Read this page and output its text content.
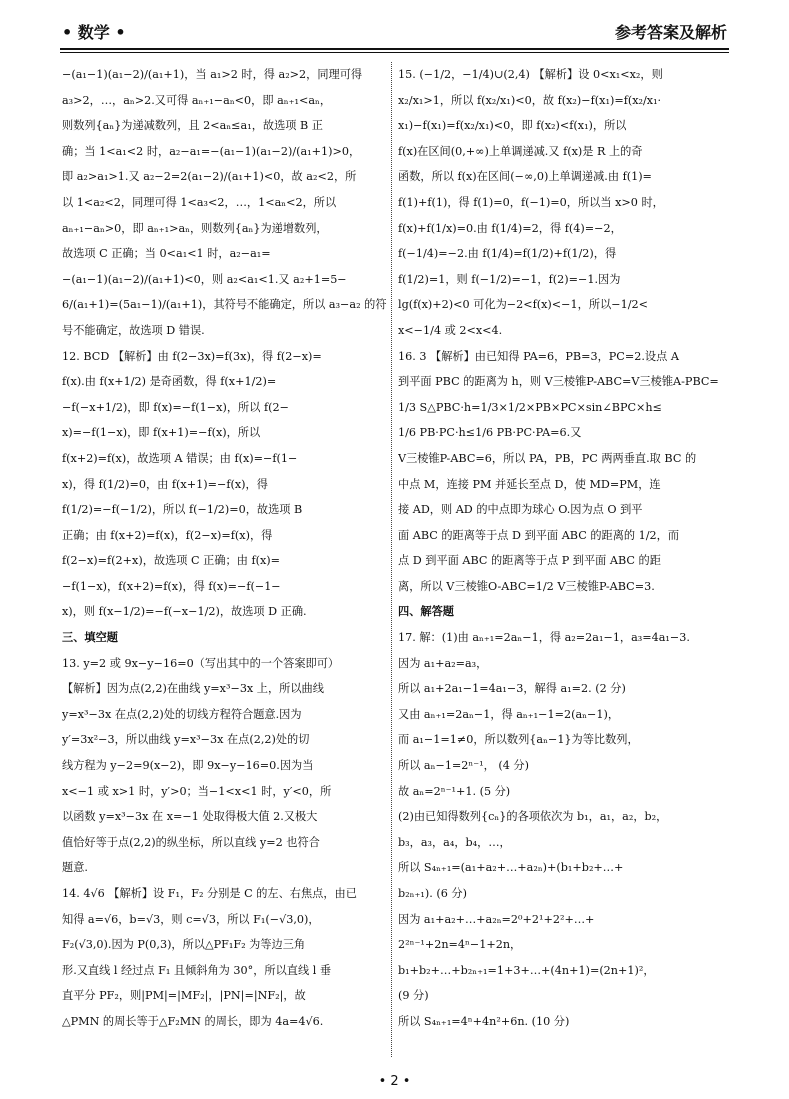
• 数学 •	参考答案及解析
−(a₁−1)(a₁−2)/(a₁+1)，当 a₁>2 时，得 a₂>2，同理可得
a₃>2，…，aₙ>2.又可得 aₙ₊₁−aₙ<0，即 aₙ₊₁<aₙ，
则数列{aₙ}为递减数列，且 2<aₙ≤a₁，故选项 B 正
确；当 1<a₁<2 时，a₂−a₁=−(a₁−1)(a₁−2)/(a₁+1)>0，
即 a₂>a₁>1.又 a₂−2=2(a₁−2)/(a₁+1)<0，故 a₂<2，所
以 1<a₂<2，同理可得 1<a₃<2，…，1<aₙ<2，所以
aₙ₊₁−aₙ>0，即 aₙ₊₁>aₙ，则数列{aₙ}为递增数列，
故选项 C 正确；当 0<a₁<1 时，a₂−a₁=
−(a₁−1)(a₁−2)/(a₁+1)<0，则 a₂<a₁<1.又 a₂+1=5−
6/(a₁+1)=(5a₁−1)/(a₁+1)，其符号不能确定，所以 a₃−a₂ 的符
号不能确定，故选项 D 错误.
12. BCD 【解析】由 f(2−3x)=f(3x)，得 f(2−x)=
f(x).由 f(x+1/2) 是奇函数，得 f(x+1/2)=
−f(−x+1/2)，即 f(x)=−f(1−x)，所以 f(2−
x)=−f(1−x)，即 f(x+1)=−f(x)，所以
f(x+2)=f(x)，故选项 A 错误；由 f(x)=−f(1−
x)，得 f(1/2)=0，由 f(x+1)=−f(x)，得
f(1/2)=−f(−1/2)，所以 f(−1/2)=0，故选项 B
正确；由 f(x+2)=f(x)，f(2−x)=f(x)，得
f(2−x)=f(2+x)，故选项 C 正确；由 f(x)=
−f(1−x)，f(x+2)=f(x)，得 f(x)=−f(−1−
x)，则 f(x−1/2)=−f(−x−1/2)，故选项 D 正确.
三、填空题
13. y=2 或 9x−y−16=0（写出其中的一个答案即可）
【解析】因为点(2,2)在曲线 y=x³−3x 上，所以曲线
y=x³−3x 在点(2,2)处的切线方程符合题意.因为
y′=3x²−3，所以曲线 y=x³−3x 在点(2,2)处的切
线方程为 y−2=9(x−2)，即 9x−y−16=0.因为当
x<−1 或 x>1 时，y′>0；当−1<x<1 时，y′<0，所
以函数 y=x³−3x 在 x=−1 处取得极大值 2.又极大
值恰好等于点(2,2)的纵坐标，所以直线 y=2 也符合
题意.
14. 4√6 【解析】设 F₁，F₂ 分别是 C 的左、右焦点，由已
知得 a=√6，b=√3，则 c=√3，所以 F₁(−√3,0)，
F₂(√3,0).因为 P(0,3)，所以△PF₁F₂ 为等边三角
形.又直线 l 经过点 F₁ 且倾斜角为 30°，所以直线 l 垂
直平分 PF₂，则|PM|=|MF₂|，|PN|=|NF₂|，故
△PMN 的周长等于△F₂MN 的周长，即为 4a=4√6.
15. (−1/2，−1/4)∪(2,4) 【解析】设 0<x₁<x₂，则
x₂/x₁>1，所以 f(x₂/x₁)<0，故 f(x₂)−f(x₁)=f(x₂/x₁·
x₁)−f(x₁)=f(x₂/x₁)<0，即 f(x₂)<f(x₁)，所以
f(x)在区间(0,+∞)上单调递减.又 f(x)是 R 上的奇
函数，所以 f(x)在区间(−∞,0)上单调递减.由 f(1)=
f(1)+f(1)，得 f(1)=0，f(−1)=0，所以当 x>0 时，
f(x)+f(1/x)=0.由 f(1/4)=2，得 f(4)=−2，
f(−1/4)=−2.由 f(1/4)=f(1/2)+f(1/2)，得
f(1/2)=1，则 f(−1/2)=−1，f(2)=−1.因为
lg(f(x)+2)<0 可化为−2<f(x)<−1，所以−1/2<
x<−1/4 或 2<x<4.
16. 3 【解析】由已知得 PA=6，PB=3，PC=2.设点 A
到平面 PBC 的距离为 h，则 V三棱锥P-ABC=V三棱锥A-PBC=
1/3 S△PBC·h=1/3×1/2×PB×PC×sin∠BPC×h≤
1/6 PB·PC·h≤1/6 PB·PC·PA=6.又
V三棱锥P-ABC=6，所以 PA，PB，PC 两两垂直.取 BC 的
中点 M，连接 PM 并延长至点 D，使 MD=PM，连
接 AD，则 AD 的中点即为球心 O.因为点 O 到平
面 ABC 的距离等于点 D 到平面 ABC 的距离的 1/2，而
点 D 到平面 ABC 的距离等于点 P 到平面 ABC 的距
离，所以 V三棱锥O-ABC=1/2 V三棱锥P-ABC=3.
四、解答题
17. 解：(1)由 aₙ₊₁=2aₙ−1，得 a₂=2a₁−1，a₃=4a₁−3.
因为 a₁+a₂=a₃，
所以 a₁+2a₁−1=4a₁−3，解得 a₁=2. (2 分)
又由 aₙ₊₁=2aₙ−1，得 aₙ₊₁−1=2(aₙ−1)，
而 a₁−1=1≠0，所以数列{aₙ−1}为等比数列，
所以 aₙ−1=2ⁿ⁻¹， (4 分)
故 aₙ=2ⁿ⁻¹+1. (5 分)
(2)由已知得数列{cₙ}的各项依次为 b₁，a₁，a₂，b₂，
b₃，a₃，a₄，b₄，…，
所以 S₄ₙ₊₁=(a₁+a₂+…+a₂ₙ)+(b₁+b₂+…+
b₂ₙ₊₁). (6 分)
因为 a₁+a₂+…+a₂ₙ=2⁰+2¹+2²+…+
2²ⁿ⁻¹+2n=4ⁿ−1+2n，
b₁+b₂+…+b₂ₙ₊₁=1+3+…+(4n+1)=(2n+1)²，
(9 分)
所以 S₄ₙ₊₁=4ⁿ+4n²+6n. (10 分)
• 2 •
